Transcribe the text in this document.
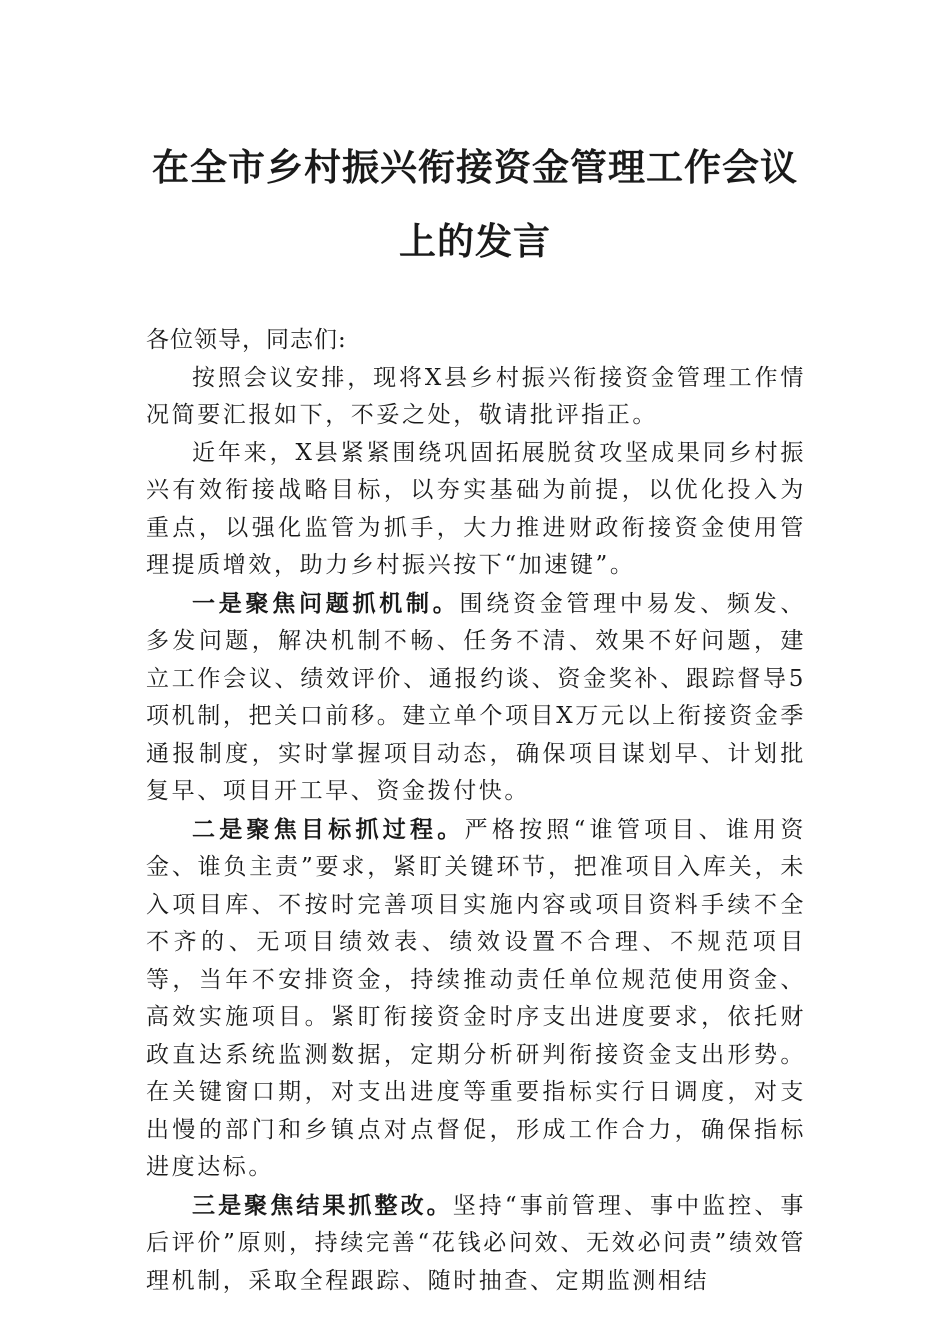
在全市乡村振兴衔接资金管理工作会议上的发言

各位领导，同志们:

按照会议安排，现将X县乡村振兴衔接资金管理工作情况简要汇报如下，不妥之处，敬请批评指正。

近年来，X县紧紧围绕巩固拓展脱贫攻坚成果同乡村振兴有效衔接战略目标，以夯实基础为前提，以优化投入为重点，以强化监管为抓手，大力推进财政衔接资金使用管理提质增效，助力乡村振兴按下“加速键”。

一是聚焦问题抓机制。围绕资金管理中易发、频发、多发问题，解决机制不畅、任务不清、效果不好问题，建立工作会议、绩效评价、通报约谈、资金奖补、跟踪督导5项机制，把关口前移。建立单个项目X万元以上衔接资金季通报制度，实时掌握项目动态，确保项目谋划早、计划批复早、项目开工早、资金拨付快。

二是聚焦目标抓过程。严格按照“谁管项目、谁用资金、谁负主责”要求，紧盯关键环节，把准项目入库关，未入项目库、不按时完善项目实施内容或项目资料手续不全不齐的、无项目绩效表、绩效设置不合理、不规范项目等，当年不安排资金，持续推动责任单位规范使用资金、高效实施项目。紧盯衔接资金时序支出进度要求，依托财政直达系统监测数据，定期分析研判衔接资金支出形势。在关键窗口期，对支出进度等重要指标实行日调度，对支出慢的部门和乡镇点对点督促，形成工作合力，确保指标进度达标。

三是聚焦结果抓整改。坚持“事前管理、事中监控、事后评价”原则，持续完善“花钱必问效、无效必问责”绩效管理机制，采取全程跟踪、随时抽查、定期监测相结
